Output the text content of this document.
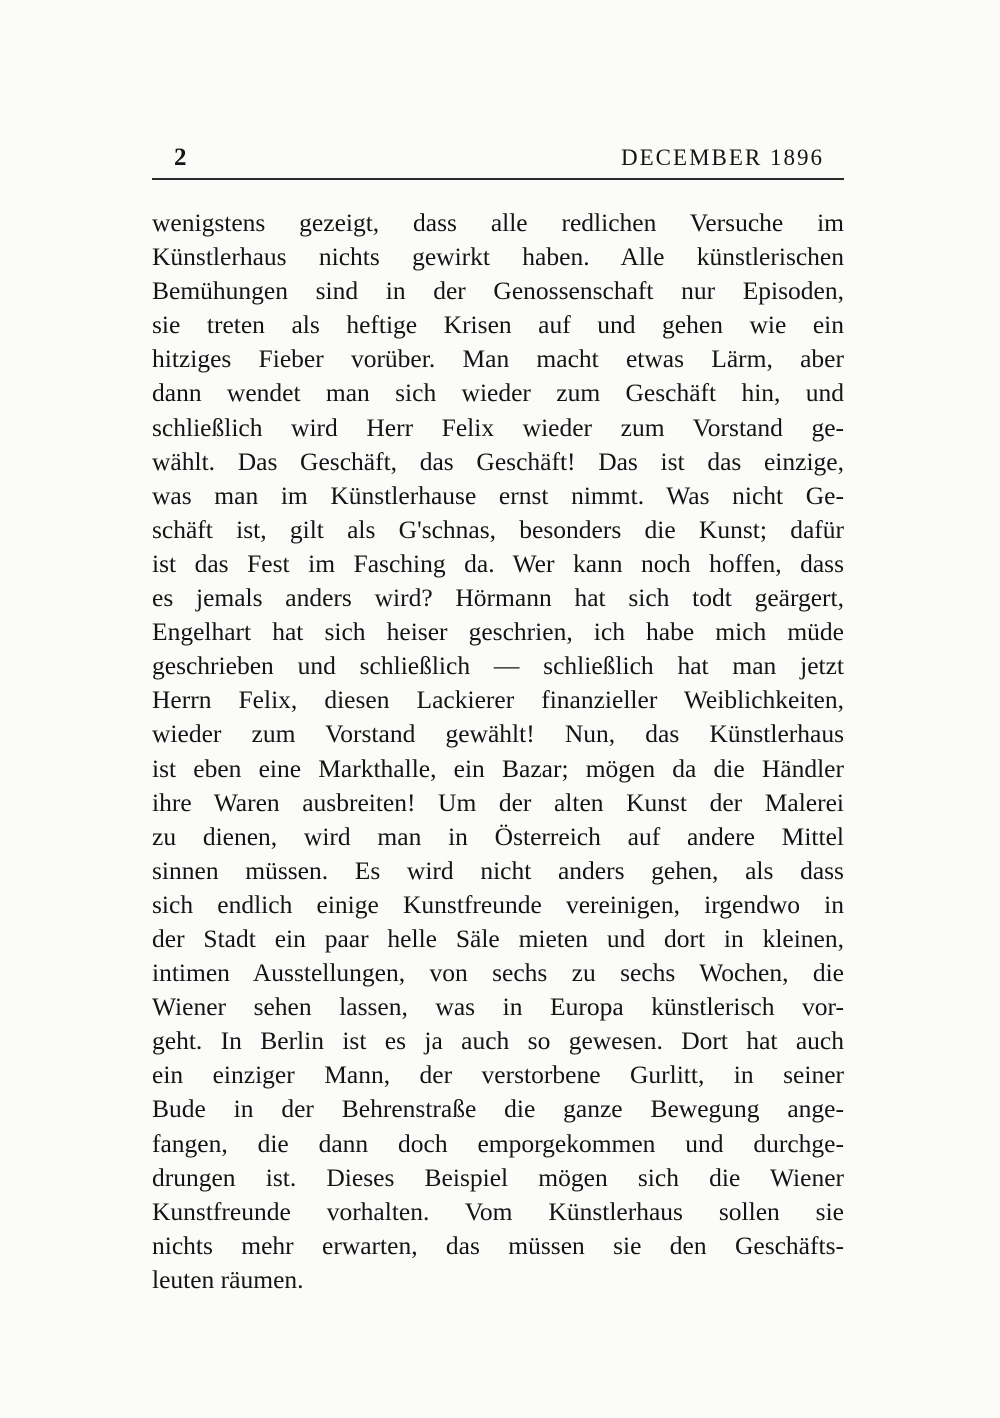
2	DECEMBER 1896
wenigstens gezeigt, dass alle redlichen Versuche im
Künstlerhaus nichts gewirkt haben. Alle künstlerischen
Bemühungen sind in der Genossenschaft nur Episoden,
sie treten als heftige Krisen auf und gehen wie ein
hitziges Fieber vorüber. Man macht etwas Lärm, aber
dann wendet man sich wieder zum Geschäft hin, und
schließlich wird Herr Felix wieder zum Vorstand ge-
wählt. Das Geschäft, das Geschäft! Das ist das einzige,
was man im Künstlerhause ernst nimmt. Was nicht Ge-
schäft ist, gilt als G'schnas, besonders die Kunst; dafür
ist das Fest im Fasching da. Wer kann noch hoffen, dass
es jemals anders wird? Hörmann hat sich todt geärgert,
Engelhart hat sich heiser geschrien, ich habe mich müde
geschrieben und schließlich — schließlich hat man jetzt
Herrn Felix, diesen Lackierer finanzieller Weiblichkeiten,
wieder zum Vorstand gewählt! Nun, das Künstlerhaus
ist eben eine Markthalle, ein Bazar; mögen da die Händler
ihre Waren ausbreiten! Um der alten Kunst der Malerei
zu dienen, wird man in Österreich auf andere Mittel
sinnen müssen. Es wird nicht anders gehen, als dass
sich endlich einige Kunstfreunde vereinigen, irgendwo in
der Stadt ein paar helle Säle mieten und dort in kleinen,
intimen Ausstellungen, von sechs zu sechs Wochen, die
Wiener sehen lassen, was in Europa künstlerisch vor-
geht. In Berlin ist es ja auch so gewesen. Dort hat auch
ein einziger Mann, der verstorbene Gurlitt, in seiner
Bude in der Behrenstraße die ganze Bewegung ange-
fangen, die dann doch emporgekommen und durchge-
drungen ist. Dieses Beispiel mögen sich die Wiener
Kunstfreunde vorhalten. Vom Künstlerhaus sollen sie
nichts mehr erwarten, das müssen sie den Geschäfts-
leuten räumen.
